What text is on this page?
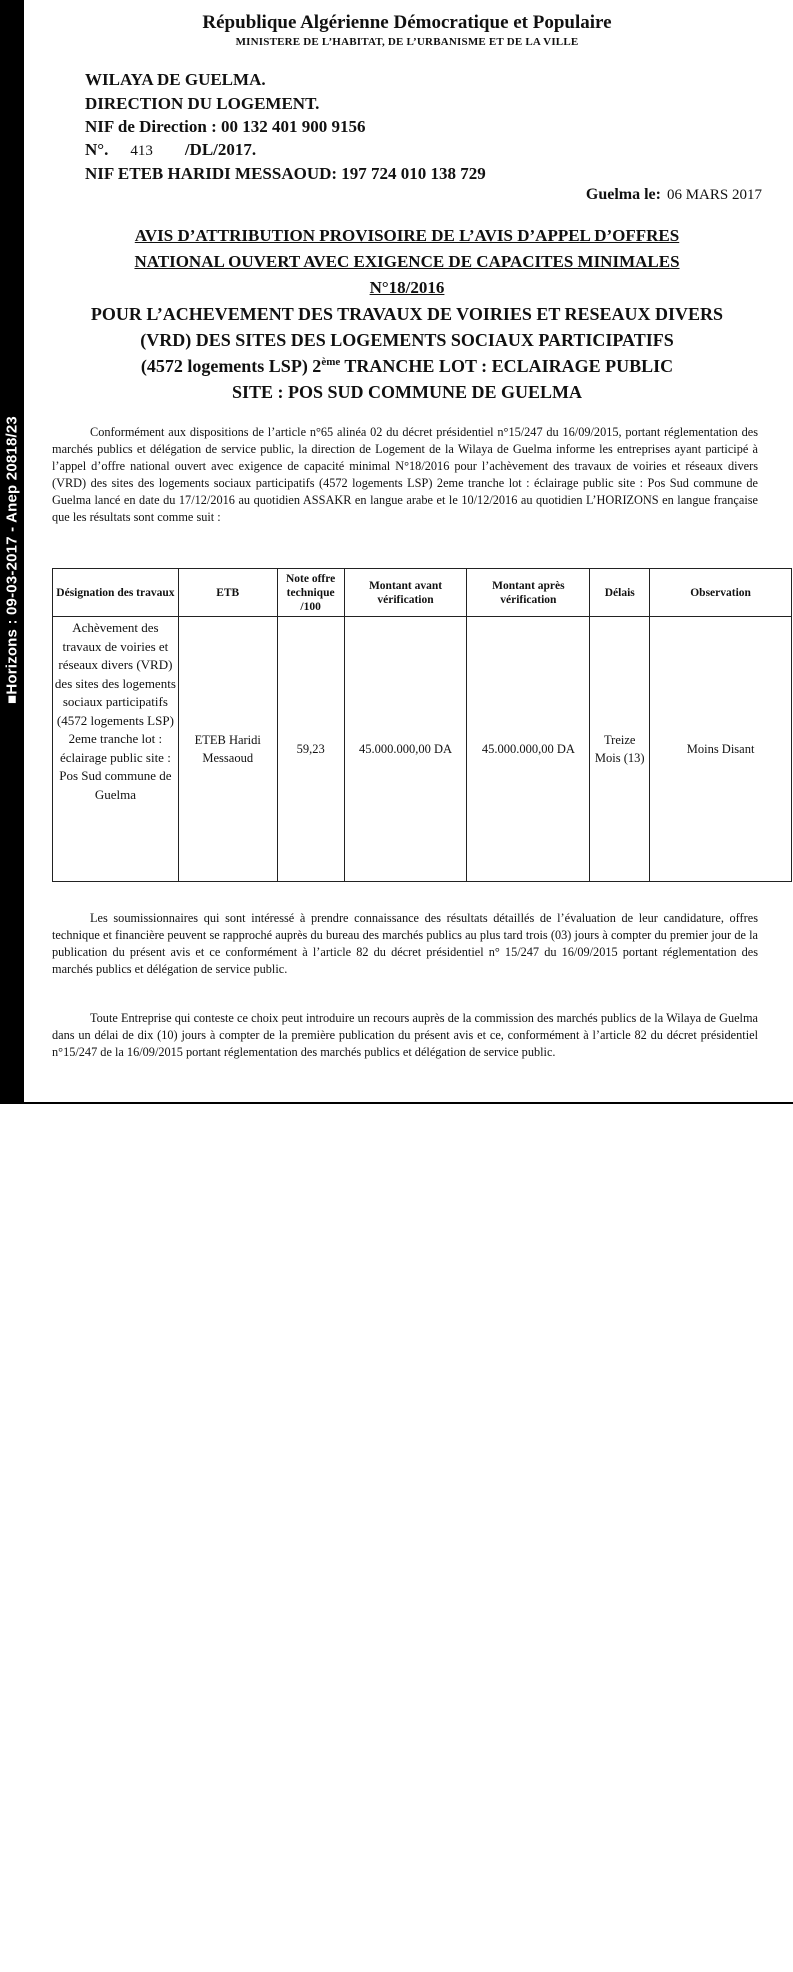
■Horizons : 09-03-2017 - Anep 20818/23
République Algérienne Démocratique et Populaire
MINISTERE DE L’HABITAT, DE L’URBANISME ET DE LA VILLE
WILAYA DE GUELMA.
DIRECTION DU LOGEMENT.
NIF de Direction : 00 132 401 900 9156
N°. 413 /DL/2017.
NIF ETEB HARIDI MESSAOUD: 197 724 010 138 729
Guelma le: 06 MARS 2017
AVIS D’ATTRIBUTION PROVISOIRE DE L’AVIS D’APPEL D’OFFRES
NATIONAL OUVERT AVEC EXIGENCE DE CAPACITES MINIMALES
N°18/2016
POUR L’ACHEVEMENT DES TRAVAUX DE VOIRIES ET RESEAUX DIVERS
(VRD) DES SITES DES LOGEMENTS SOCIAUX PARTICIPATIFS
(4572 logements LSP) 2ème TRANCHE LOT : ECLAIRAGE PUBLIC
SITE : POS SUD COMMUNE DE GUELMA

Conformément aux dispositions de l’article n°65 alinéa 02 du décret présidentiel n°15/247 du 16/09/2015, portant réglementation des marchés publics et délégation de service public, la direction de Logement de la Wilaya de Guelma informe les entreprises ayant participé à l’appel d’offre national ouvert avec exigence de capacité minimal N°18/2016 pour l’achèvement des travaux de voiries et réseaux divers (VRD) des sites des logements sociaux participatifs (4572 logements LSP) 2eme tranche lot : éclairage public site : Pos Sud commune de Guelma lancé en date du 17/12/2016 au quotidien ASSAKR en langue arabe et le 10/12/2016 au quotidien L’HORIZONS en langue française que les résultats sont comme suit :

Désignation des travaux	ETB	Note offre technique /100	Montant avant vérification	Montant après vérification	Délais	Observation
Achèvement des travaux de voiries et réseaux divers (VRD) des sites des logements sociaux participatifs (4572 logements LSP) 2eme tranche lot : éclairage public site : Pos Sud commune de Guelma	ETEB Haridi Messaoud	59,23	45.000.000,00 DA	45.000.000,00 DA	Treize Mois (13)	Moins Disant

Les soumissionnaires qui sont intéressé à prendre connaissance des résultats détaillés de l’évaluation de leur candidature, offres technique et financière peuvent se rapproché auprès du bureau des marchés publics au plus tard trois (03) jours à compter du premier jour de la publication du présent avis et ce conformément à l’article 82 du décret présidentiel n° 15/247 du 16/09/2015 portant réglementation des marchés publics et délégation de service public.

Toute Entreprise qui conteste ce choix peut introduire un recours auprès de la commission des marchés publics de la Wilaya de Guelma dans un délai de dix (10) jours à compter de la première publication du présent avis et ce, conformément à l’article 82 du décret présidentiel n°15/247 de la 16/09/2015 portant réglementation des marchés publics et délégation de service public.
